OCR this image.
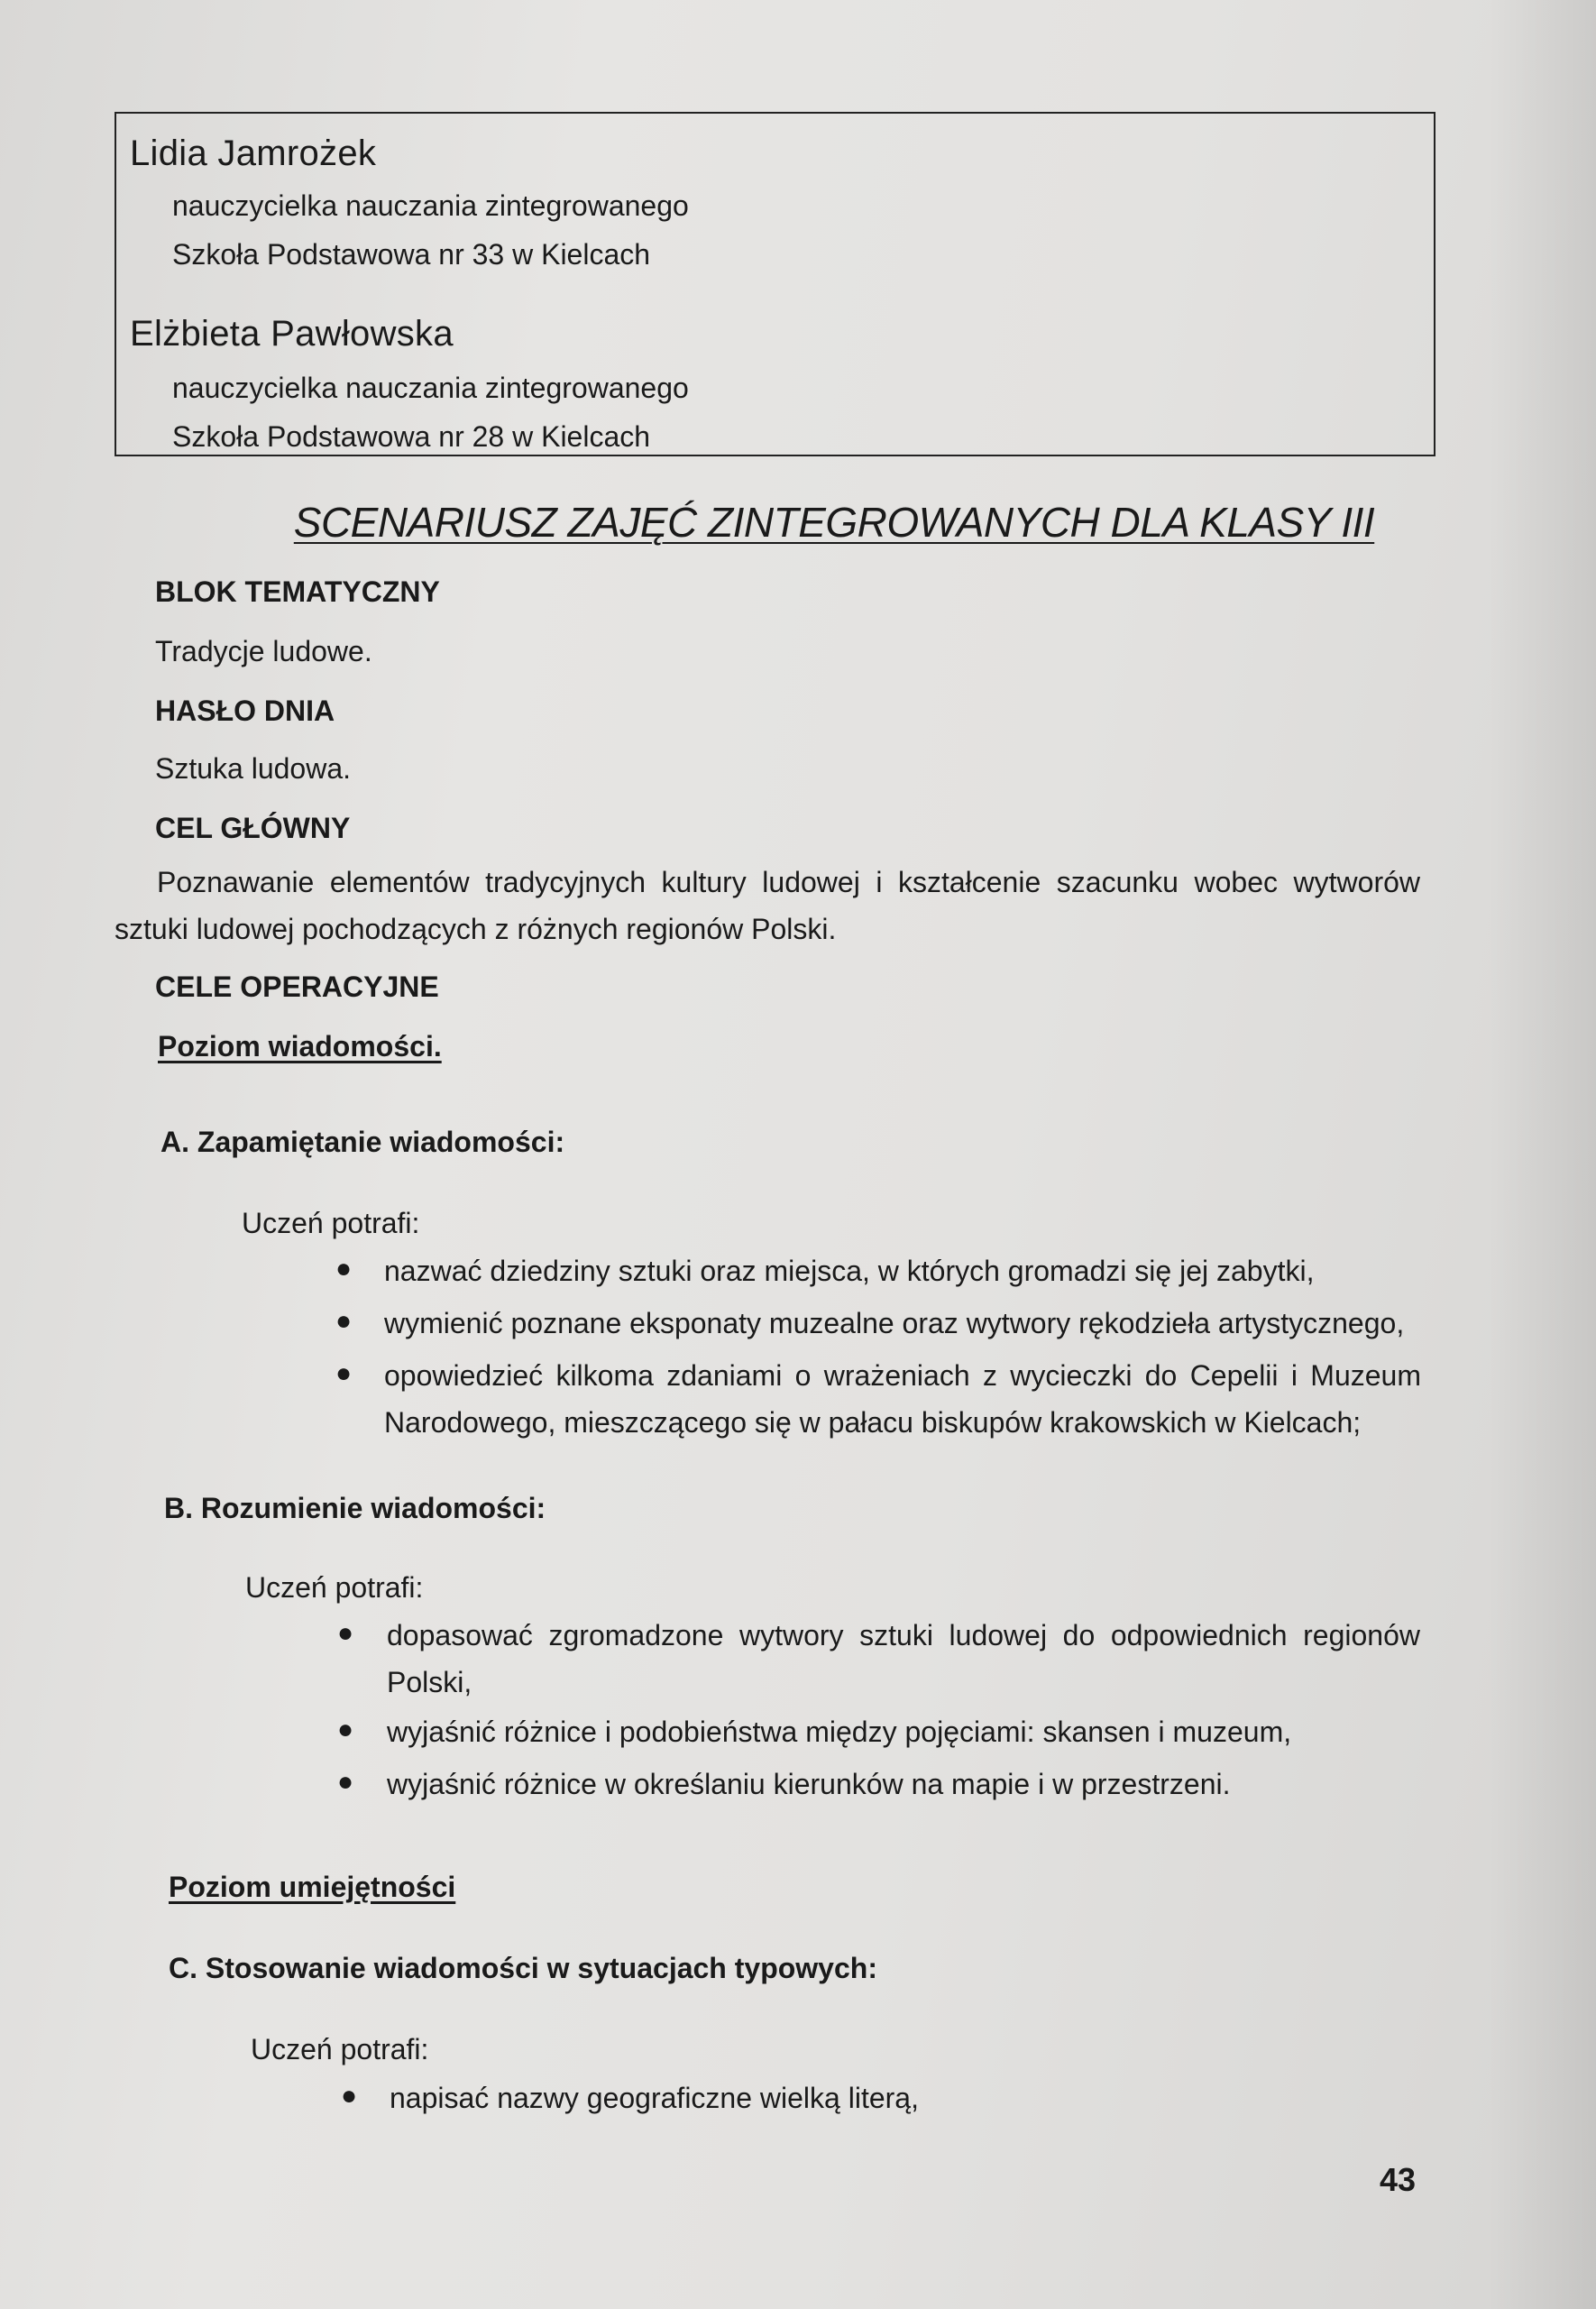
Lidia Jamrożek
nauczycielka nauczania zintegrowanego
Szkoła Podstawowa nr 33 w Kielcach
Elżbieta Pawłowska
nauczycielka nauczania zintegrowanego
Szkoła Podstawowa nr 28 w Kielcach
SCENARIUSZ ZAJĘĆ ZINTEGROWANYCH DLA KLASY III
BLOK TEMATYCZNY
Tradycje ludowe.
HASŁO DNIA
Sztuka ludowa.
CEL GŁÓWNY
Poznawanie elementów tradycyjnych kultury ludowej i kształcenie szacunku wobec wytworów sztuki ludowej pochodzących z różnych regionów Polski.
CELE OPERACYJNE
Poziom wiadomości.
A. Zapamiętanie wiadomości:
Uczeń potrafi:
● nazwać dziedziny sztuki oraz miejsca, w których gromadzi się jej zabytki,
● wymienić poznane eksponaty muzealne oraz wytwory rękodzieła artystycznego,
● opowiedzieć kilkoma zdaniami o wrażeniach z wycieczki do Cepelii i Muzeum Narodowego, mieszczącego się w pałacu biskupów krakowskich w Kielcach;
B. Rozumienie wiadomości:
Uczeń potrafi:
● dopasować zgromadzone wytwory sztuki ludowej do odpowiednich regionów Polski,
● wyjaśnić różnice i podobieństwa między pojęciami: skansen i muzeum,
● wyjaśnić różnice w określaniu kierunków na mapie i w przestrzeni.
Poziom umiejętności
C. Stosowanie wiadomości w sytuacjach typowych:
Uczeń potrafi:
● napisać nazwy geograficzne wielką literą,
43
